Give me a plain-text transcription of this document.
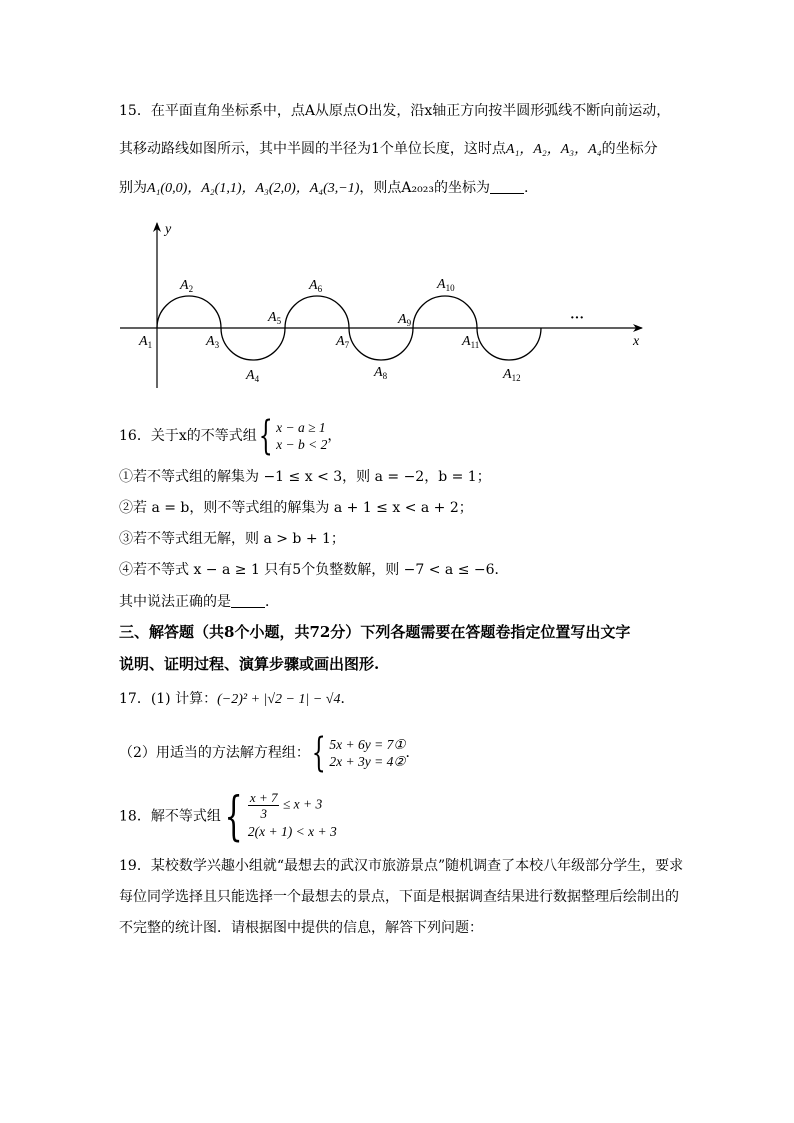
15．在平面直角坐标系中，点A从原点O出发，沿x轴正方向按半圆形弧线不断向前运动，
其移动路线如图所示，其中半圆的半径为1个单位长度，这时点A₁，A₂，A₃，A₄的坐标分
别为A₁(0,0)，A₂(1,1)，A₃(2,0)，A₄(3,−1)，则点A₂₀₂₃的坐标为 .
y
x
···
$A_1$
$A_2$
$A_3$
$A_4$
$A_5$
$A_6$
$A_7$
$A_8$
$A_9$
$A_{10}$
$A_{11}$
$A_{12}$
16．关于x的不等式组 { x − a ≥ 1
x − b < 2
，
①若不等式组的解集为 −1 ≤ x < 3，则 a = −2，b = 1；
②若 a = b，则不等式组的解集为 a + 1 ≤ x < a + 2；
③若不等式组无解，则 a > b + 1；
④若不等式 x − a ≥ 1 只有5个负整数解，则 −7 < a ≤ −6．
其中说法正确的是 ．
三、解答题（共8个小题，共72分）下列各题需要在答题卷指定位置写出文字
说明、证明过程、演算步骤或画出图形.
17．(1) 计算：(−2)² + |√2 − 1| − √4．
（2）用适当的方法解方程组： { 5x + 6y = 7①
2x + 3y = 4②
．
18．解不等式组 { $\frac{x + 7}{3} \le x + 3$
2(x + 1) < x + 3
19．某校数学兴趣小组就“最想去的武汉市旅游景点”随机调查了本校八年级部分学生，要求
每位同学选择且只能选择一个最想去的景点，下面是根据调查结果进行数据整理后绘制出的
不完整的统计图．请根据图中提供的信息，解答下列问题：
